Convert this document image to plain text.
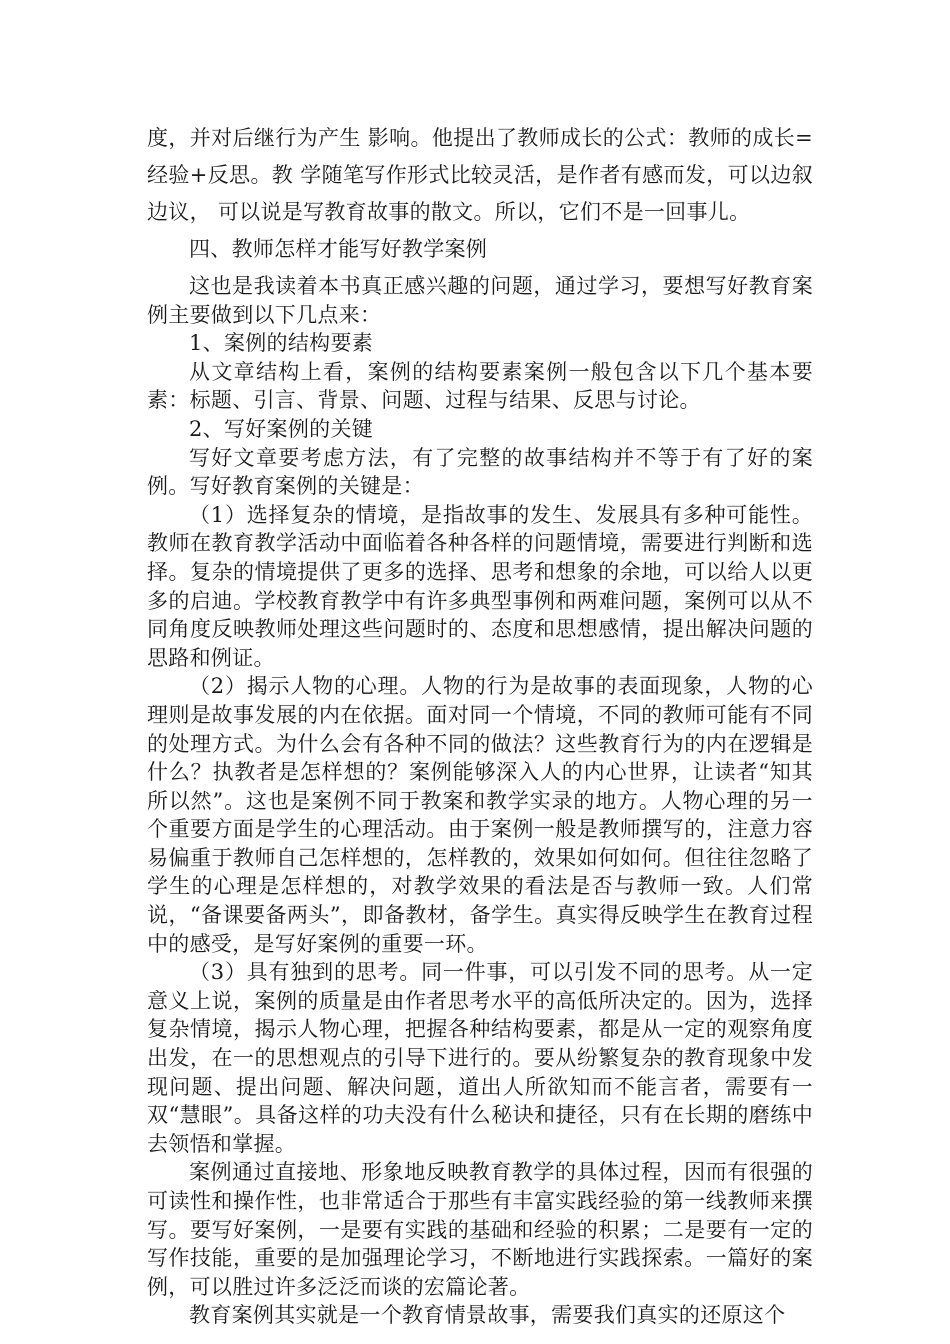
度，并对后继行为产生 影响。他提出了教师成长的公式：教师的成长=经验+反思。教 学随笔写作形式比较灵活，是作者有感而发，可以边叙边议， 可以说是写教育故事的散文。所以，它们不是一回事儿。

四、教师怎样才能写好教学案例

这也是我读着本书真正感兴趣的问题，通过学习，要想写好教育案例主要做到以下几点来：

1、案例的结构要素

从文章结构上看，案例的结构要素案例一般包含以下几个基本要素：标题、引言、背景、问题、过程与结果、反思与讨论。

2、写好案例的关键

写好文章要考虑方法，有了完整的故事结构并不等于有了好的案例。写好教育案例的关键是：

（1）选择复杂的情境，是指故事的发生、发展具有多种可能性。教师在教育教学活动中面临着各种各样的问题情境，需要进行判断和选择。复杂的情境提供了更多的选择、思考和想象的余地，可以给人以更多的启迪。学校教育教学中有许多典型事例和两难问题，案例可以从不同角度反映教师处理这些问题时的、态度和思想感情，提出解决问题的思路和例证。

（2）揭示人物的心理。人物的行为是故事的表面现象，人物的心理则是故事发展的内在依据。面对同一个情境，不同的教师可能有不同的处理方式。为什么会有各种不同的做法？这些教育行为的内在逻辑是什么？执教者是怎样想的？案例能够深入人的内心世界，让读者“知其所以然”。这也是案例不同于教案和教学实录的地方。人物心理的另一个重要方面是学生的心理活动。由于案例一般是教师撰写的，注意力容易偏重于教师自己怎样想的，怎样教的，效果如何如何。但往往忽略了学生的心理是怎样想的，对教学效果的看法是否与教师一致。人们常说，“备课要备两头”，即备教材，备学生。真实得反映学生在教育过程中的感受，是写好案例的重要一环。

（3）具有独到的思考。同一件事，可以引发不同的思考。从一定意义上说，案例的质量是由作者思考水平的高低所决定的。因为，选择复杂情境，揭示人物心理，把握各种结构要素，都是从一定的观察角度出发，在一的思想观点的引导下进行的。要从纷繁复杂的教育现象中发现问题、提出问题、解决问题，道出人所欲知而不能言者，需要有一双“慧眼”。具备这样的功夫没有什么秘诀和捷径，只有在长期的磨练中去领悟和掌握。

案例通过直接地、形象地反映教育教学的具体过程，因而有很强的可读性和操作性，也非常适合于那些有丰富实践经验的第一线教师来撰写。要写好案例，一是要有实践的基础和经验的积累；二是要有一定的写作技能，重要的是加强理论学习，不断地进行实践探索。一篇好的案例，可以胜过许多泛泛而谈的宏篇论著。

教育案例其实就是一个教育情景故事，需要我们真实的还原这个
